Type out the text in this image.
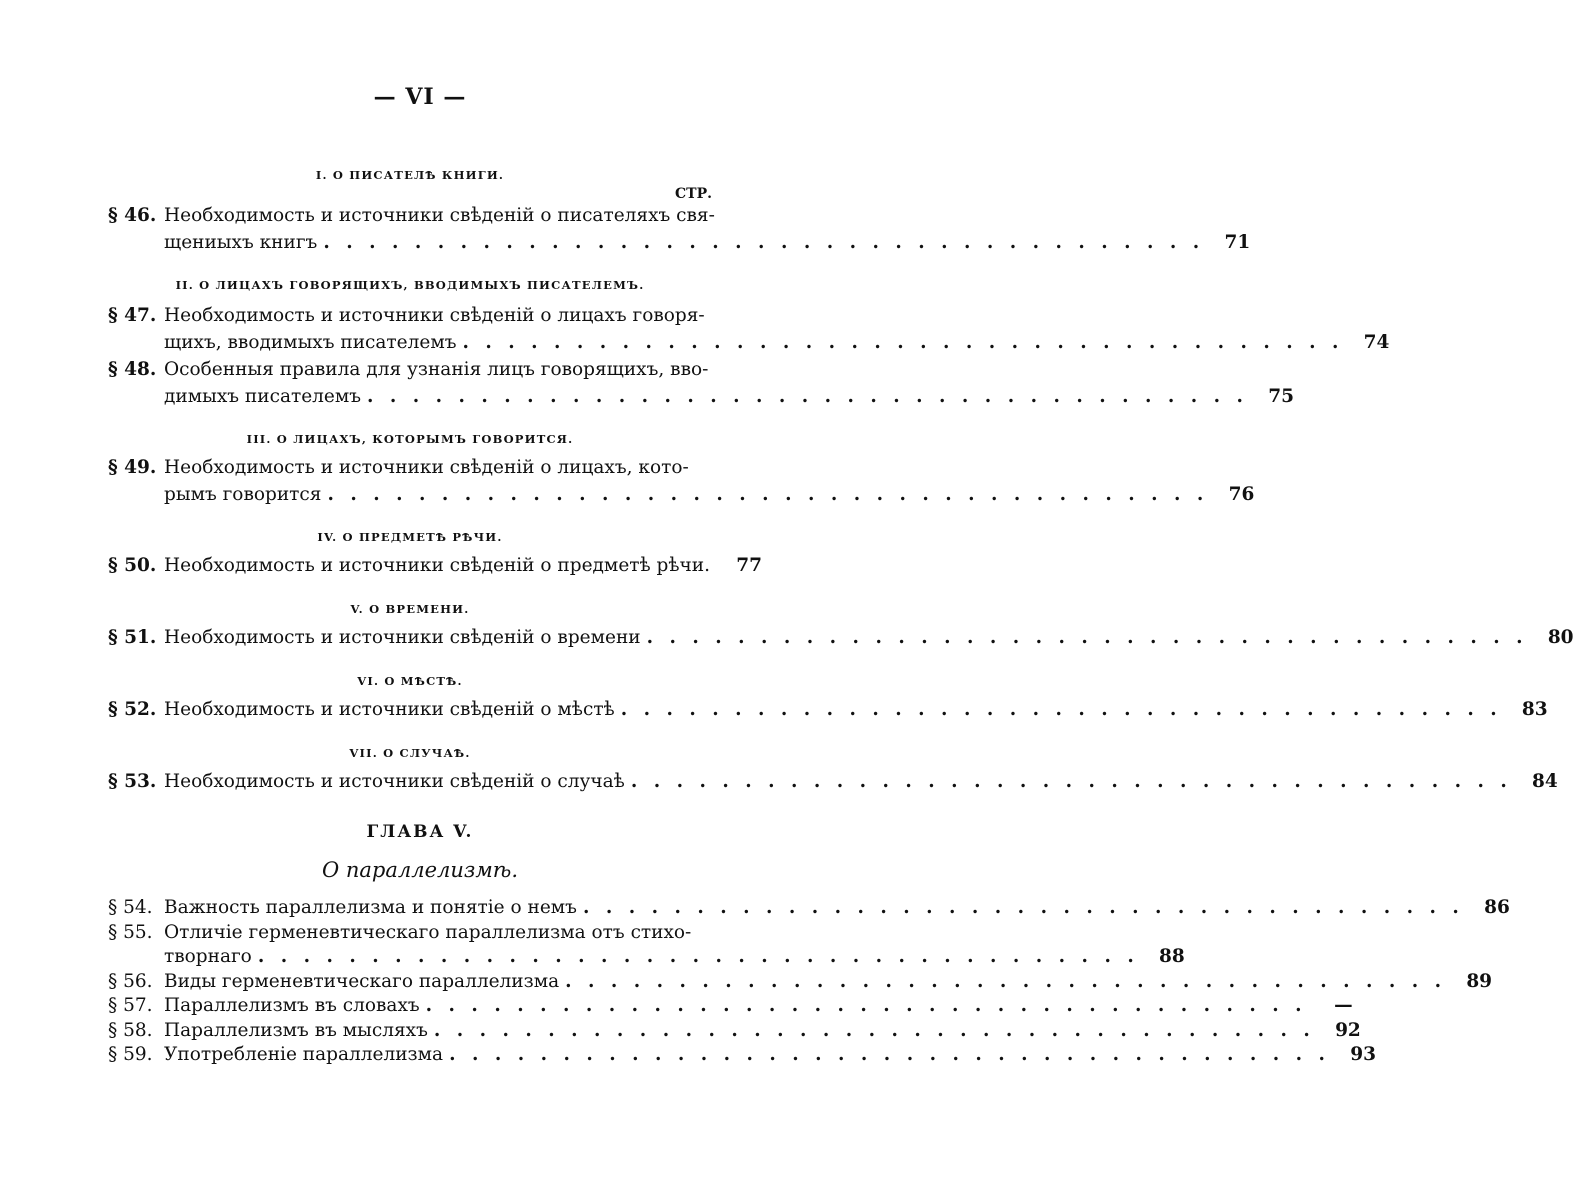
— VI —
I. О ПИСАТЕЛѢ КНИГИ.
СТР.
§ 46. Необходимость и источники свѣденій о писателяхъ свя-
щениыхъ книгъ . . . . . . . . . . . . . . . . . . . . . . . . . . . . . . . . . . . . . . .	71
II. О ЛИЦАХЪ ГОВОРЯЩИХЪ, ВВОДИМЫХЪ ПИСАТЕЛЕМЪ.
§ 47. Необходимость и источники свѣденій о лицахъ говоря-
щихъ, вводимыхъ писателемъ . . . . . . . . . . . . . . . . . . . . . . . . . . . . . . . . . . . . . . .	74
§ 48. Особенныя правила для узнанія лицъ говорящихъ, вво-
димыхъ писателемъ . . . . . . . . . . . . . . . . . . . . . . . . . . . . . . . . . . . . . . .	75
III. О ЛИЦАХЪ, КОТОРЫМЪ ГОВОРИТСЯ.
§ 49. Необходимость и источники свѣденій о лицахъ, кото-
рымъ говорится . . . . . . . . . . . . . . . . . . . . . . . . . . . . . . . . . . . . . . .	76
IV. О ПРЕДМЕТѢ РѢЧИ.
§ 50. Необходимость и источники свѣденій о предметѣ рѣчи.	77
V. О ВРЕМЕНИ.
§ 51. Необходимость и источники свѣденій о времени . . . . . . . . . . . . . . . . . . . . . . . . . . . . . . . . . . . . . . .	80
VI. О МѢСТѢ.
§ 52. Необходимость и источники свѣденій о мѣстѣ . . . . . . . . . . . . . . . . . . . . . . . . . . . . . . . . . . . . . . .	83
VII. О СЛУЧАѢ.
§ 53. Необходимость и источники свѣденій о случаѣ . . . . . . . . . . . . . . . . . . . . . . . . . . . . . . . . . . . . . . .	84
ГЛАВА V.
О параллелизмѣ.
§ 54. Важность параллелизма и понятіе о немъ . . . . . . . . . . . . . . . . . . . . . . . . . . . . . . . . . . . . . . .	86
§ 55. Отличіе герменевтическаго параллелизма отъ стихо-
творнаго . . . . . . . . . . . . . . . . . . . . . . . . . . . . . . . . . . . . . . .	88
§ 56. Виды герменевтическаго параллелизма . . . . . . . . . . . . . . . . . . . . . . . . . . . . . . . . . . . . . . .	89
§ 57. Параллелизмъ въ словахъ . . . . . . . . . . . . . . . . . . . . . . . . . . . . . . . . . . . . . . .	—
§ 58. Параллелизмъ въ мысляхъ . . . . . . . . . . . . . . . . . . . . . . . . . . . . . . . . . . . . . . .	92
§ 59. Употребленіе параллелизма . . . . . . . . . . . . . . . . . . . . . . . . . . . . . . . . . . . . . . .	93
